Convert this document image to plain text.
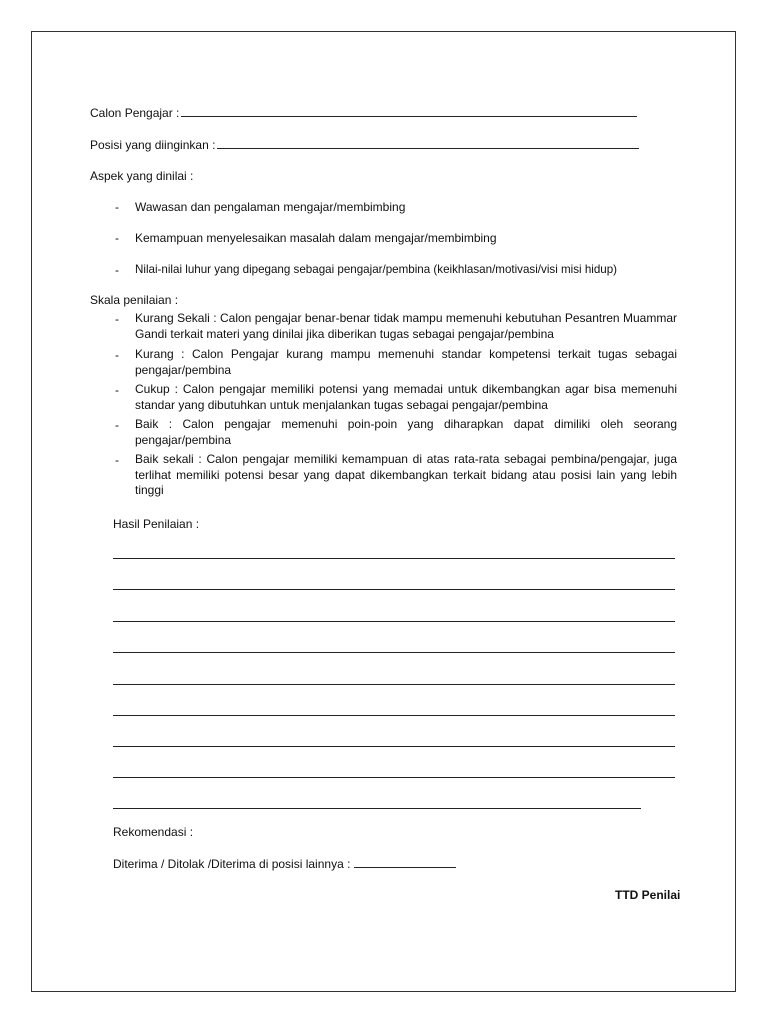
Calon Pengajar :
Posisi yang diinginkan :
Aspek yang dinilai :
- Wawasan dan pengalaman mengajar/membimbing
- Kemampuan menyelesaikan masalah dalam mengajar/membimbing
- Nilai-nilai luhur yang dipegang sebagai pengajar/pembina (keikhlasan/motivasi/visi misi hidup)
Skala penilaian :
- Kurang Sekali : Calon pengajar benar-benar tidak mampu memenuhi kebutuhan Pesantren Muammar Gandi terkait materi yang dinilai jika diberikan tugas sebagai pengajar/pembina
- Kurang : Calon Pengajar kurang mampu memenuhi standar kompetensi terkait tugas sebagai pengajar/pembina
- Cukup : Calon pengajar memiliki potensi yang memadai untuk dikembangkan agar bisa memenuhi standar yang dibutuhkan untuk menjalankan tugas sebagai pengajar/pembina
- Baik : Calon pengajar memenuhi poin-poin yang diharapkan dapat dimiliki oleh seorang pengajar/pembina
- Baik sekali : Calon pengajar memiliki kemampuan di atas rata-rata sebagai pembina/pengajar, juga terlihat memiliki potensi besar yang dapat dikembangkan terkait bidang atau posisi lain yang lebih tinggi
Hasil Penilaian :
Rekomendasi :
Diterima / Ditolak /Diterima di posisi lainnya :
TTD Penilai
